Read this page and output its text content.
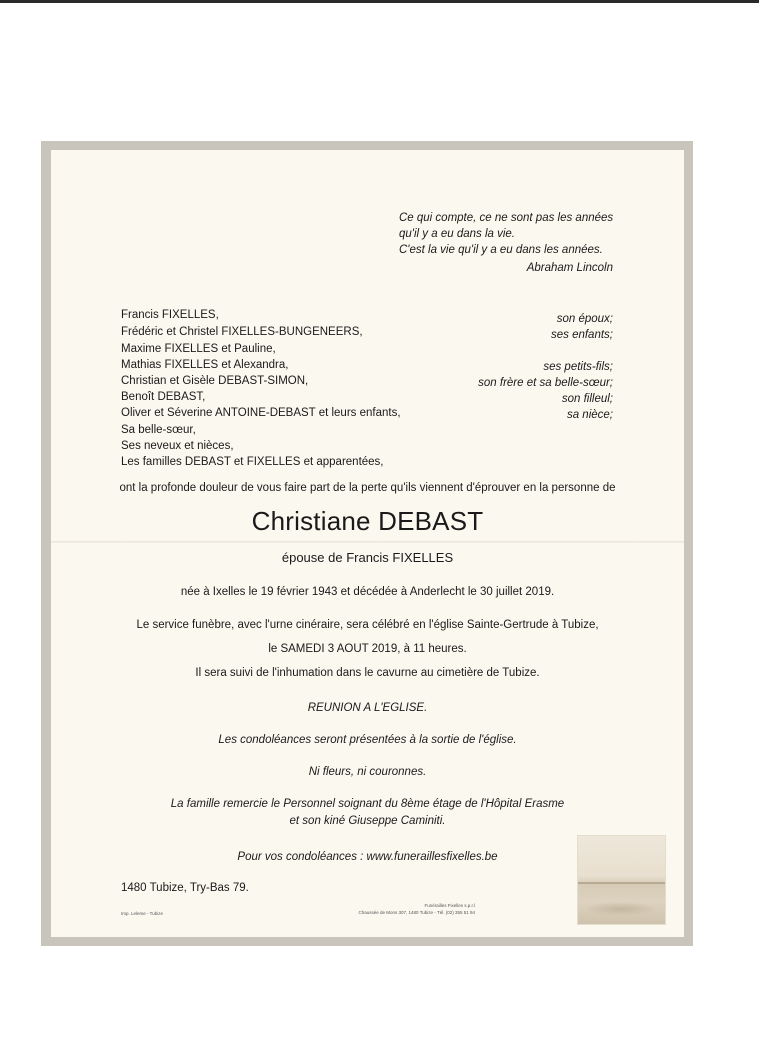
Ce qui compte, ce ne sont pas les années
qu'il y a eu dans la vie.
C'est la vie qu'il y a eu dans les années.
Abraham Lincoln
Francis FIXELLES,
Frédéric et Christel FIXELLES-BUNGENEERS,
Maxime FIXELLES et Pauline,
Mathias FIXELLES et Alexandra,
Christian et Gisèle DEBAST-SIMON,
Benoît DEBAST,
Oliver et Séverine ANTOINE-DEBAST et leurs enfants,
Sa belle-sœur,
Ses neveux et nièces,
Les familles DEBAST et FIXELLES et apparentées,
son époux;
ses enfants;
ses petits-fils;
son frère et sa belle-sœur;
son filleul;
sa nièce;
ont la profonde douleur de vous faire part de la perte qu'ils viennent d'éprouver en la personne de
Christiane DEBAST
épouse de Francis FIXELLES
née à Ixelles le 19 février 1943 et décédée à Anderlecht le 30 juillet 2019.
Le service funèbre, avec l'urne cinéraire, sera célébré en l'église Sainte-Gertrude à Tubize,
le SAMEDI 3 AOUT 2019, à 11 heures.
Il sera suivi de l'inhumation dans le cavurne au cimetière de Tubize.
REUNION A L'EGLISE.
Les condoléances seront présentées à la sortie de l'église.
Ni fleurs, ni couronnes.
La famille remercie le Personnel soignant du 8ème étage de l'Hôpital Erasme
et son kiné Giuseppe Caminiti.
Pour vos condoléances : www.funeraillesfixelles.be
1480 Tubize, Try-Bas 79.
Imp. Leleme - Tubize
Funérailles Fixelles s.p.r.l
Chaussée de Mons 307, 1480 Tubize - Tél. (02) 355 51 94
